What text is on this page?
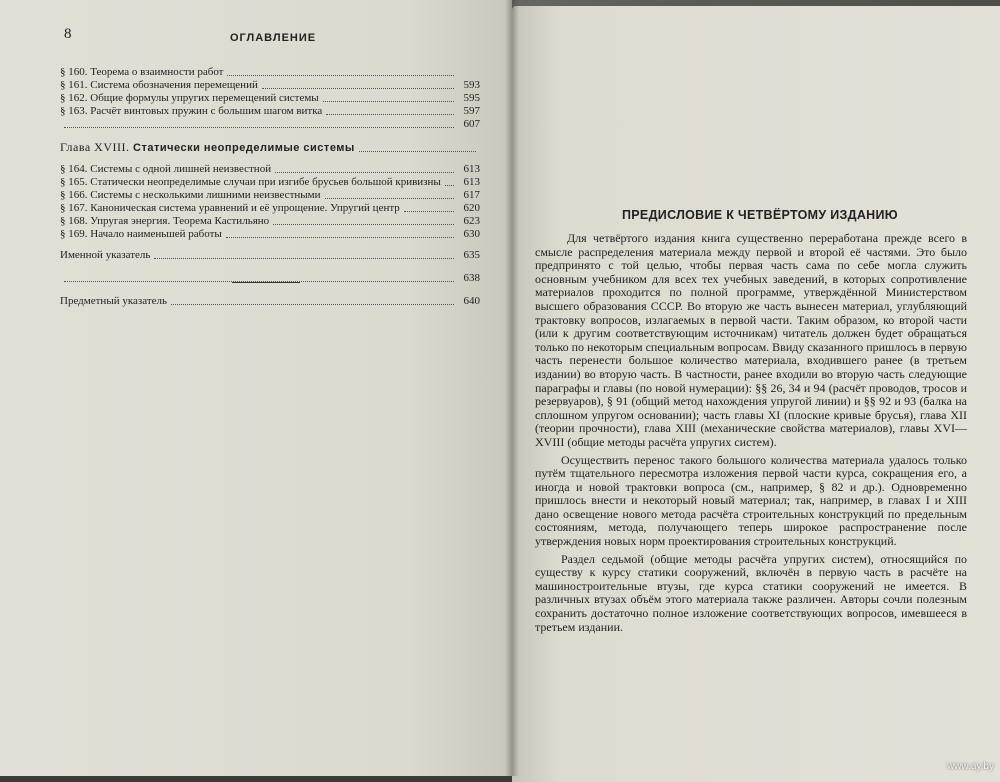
8	ОГЛАВЛЕНИЕ
§ 160. Теорема о взаимности работ
§ 161. Система обозначения перемещений	593
§ 162. Общие формулы упругих перемещений системы	595
§ 163. Расчёт винтовых пружин с большим шагом витка	597
607
Глава XVIII. Статически неопределимые системы
§ 164. Системы с одной лишней неизвестной	613
§ 165. Статически неопределимые случаи при изгибе брусьев большой кривизны	613
§ 166. Системы с несколькими лишними неизвестными	617
§ 167. Каноническая система уравнений и её упрощение. Упругий центр	620
§ 168. Упругая энергия. Теорема Кастильяно	623
§ 169. Начало наименьшей работы	630
Именной указатель	635
638
Предметный указатель	640
ПРЕДИСЛОВИЕ К ЧЕТВЁРТОМУ ИЗДАНИЮ

Для четвёртого издания книга существенно переработана прежде всего в смысле распределения материала между первой и второй её частями. Это было предпринято с той целью, чтобы первая часть сама по себе могла служить основным учебником для всех тех учебных заведений, в которых сопротивление материалов проходится по полной программе, утверждённой Министерством высшего образования СССР. Во вторую же часть вынесен материал, углубляющий трактовку вопросов, излагаемых в первой части. Таким образом, ко второй части (или к другим соответствующим источникам) читатель должен будет обращаться только по некоторым специальным вопросам. Ввиду сказанного пришлось в первую часть перенести большое количество материала, входившего ранее (в третьем издании) во вторую часть. В частности, ранее входили во вторую часть следующие параграфы и главы (по новой нумерации): §§ 26, 34 и 94 (расчёт проводов, тросов и резервуаров), § 91 (общий метод нахождения упругой линии) и §§ 92 и 93 (балка на сплошном упругом основании); часть главы XI (плоские кривые брусья), глава XII (теории прочности), глава XIII (механические свойства материалов), главы XVI—XVIII (общие методы расчёта упругих систем).

Осуществить перенос такого большого количества материала удалось только путём тщательного пересмотра изложения первой части курса, сокращения его, а иногда и новой трактовки вопроса (см., например, § 82 и др.). Одновременно пришлось внести и некоторый новый материал; так, например, в главах I и XIII дано освещение нового метода расчёта строительных конструкций по предельным состояниям, метода, получающего теперь широкое распространение после утверждения новых норм проектирования строительных конструкций.

Раздел седьмой (общие методы расчёта упругих систем), относящийся по существу к курсу статики сооружений, включён в первую часть в расчёте на машиностроительные втузы, где курса статики сооружений не имеется. В различных втузах объём этого материала также различен. Авторы сочли полезным сохранить достаточно полное изложение соответствующих вопросов, имевшееся в третьем издании.

www.ay.by
